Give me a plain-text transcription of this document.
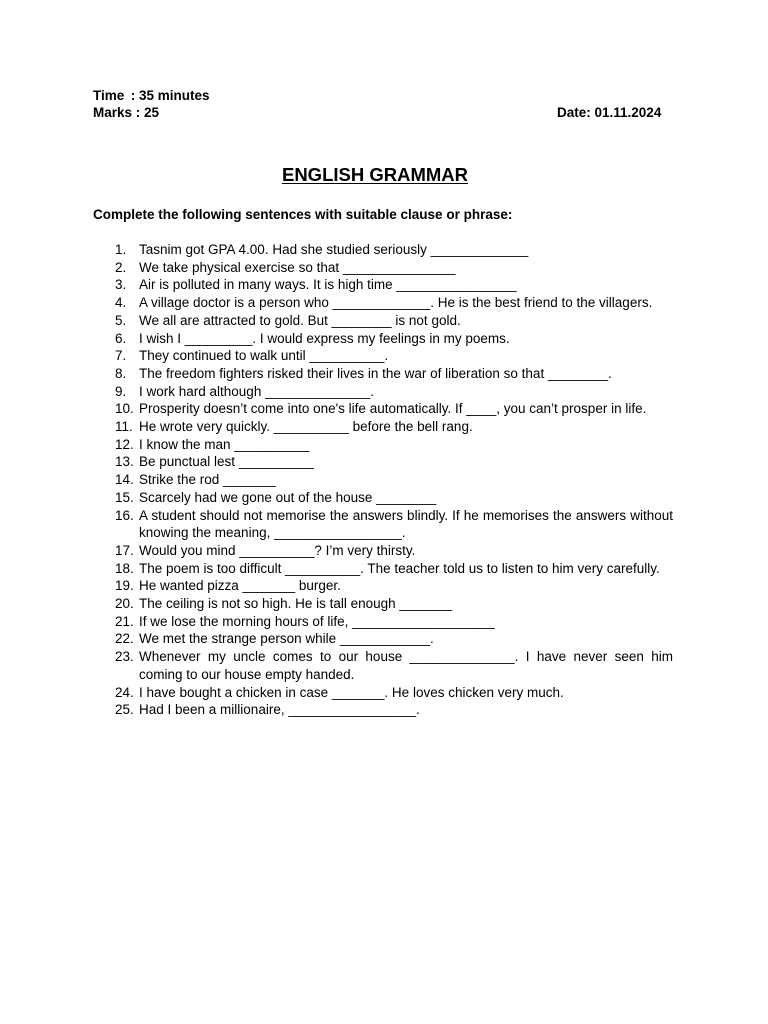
Time : 35 minutes
Marks : 25	Date: 01.11.2024
ENGLISH GRAMMAR
Complete the following sentences with suitable clause or phrase:
1. Tasnim got GPA 4.00. Had she studied seriously _____________
2. We take physical exercise so that _______________
3. Air is polluted in many ways. It is high time ________________
4. A village doctor is a person who _____________. He is the best friend to the villagers.
5. We all are attracted to gold. But ________ is not gold.
6. I wish I _________. I would express my feelings in my poems.
7. They continued to walk until __________.
8. The freedom fighters risked their lives in the war of liberation so that ________.
9. I work hard although ______________.
10. Prosperity doesn’t come into one's life automatically. If ____, you can’t prosper in life.
11. He wrote very quickly. __________ before the bell rang.
12. I know the man __________
13. Be punctual lest __________
14. Strike the rod _______
15. Scarcely had we gone out of the house ________
16. A student should not memorise the answers blindly. If he memorises the answers without knowing the meaning, _________________.
17. Would you mind __________? I’m very thirsty.
18. The poem is too difficult __________. The teacher told us to listen to him very carefully.
19. He wanted pizza _______ burger.
20. The ceiling is not so high. He is tall enough _______
21. If we lose the morning hours of life, ___________________
22. We met the strange person while ____________.
23. Whenever my uncle comes to our house ______________. I have never seen him coming to our house empty handed.
24. I have bought a chicken in case _______. He loves chicken very much.
25. Had I been a millionaire, _________________.
